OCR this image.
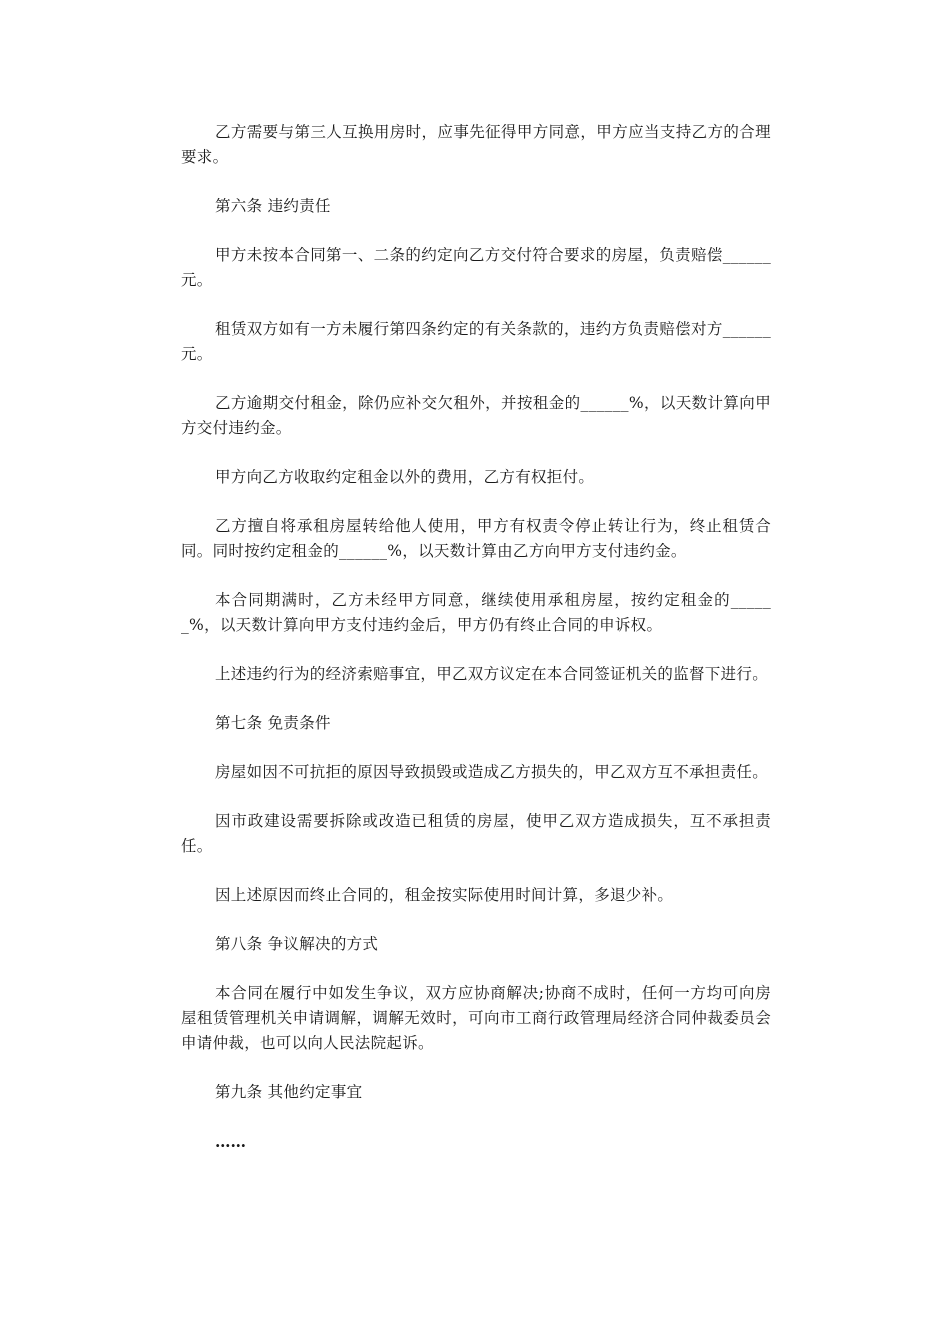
乙方需要与第三人互换用房时，应事先征得甲方同意，甲方应当支持乙方的合理要求。

第六条 违约责任

甲方未按本合同第一、二条的约定向乙方交付符合要求的房屋，负责赔偿______元。

租赁双方如有一方未履行第四条约定的有关条款的，违约方负责赔偿对方______元。

乙方逾期交付租金，除仍应补交欠租外，并按租金的______%，以天数计算向甲方交付违约金。

甲方向乙方收取约定租金以外的费用，乙方有权拒付。

乙方擅自将承租房屋转给他人使用，甲方有权责令停止转让行为，终止租赁合同。同时按约定租金的______%，以天数计算由乙方向甲方支付违约金。

本合同期满时，乙方未经甲方同意，继续使用承租房屋，按约定租金的______%，以天数计算向甲方支付违约金后，甲方仍有终止合同的申诉权。

上述违约行为的经济索赔事宜，甲乙双方议定在本合同签证机关的监督下进行。

第七条 免责条件

房屋如因不可抗拒的原因导致损毁或造成乙方损失的，甲乙双方互不承担责任。

因市政建设需要拆除或改造已租赁的房屋，使甲乙双方造成损失，互不承担责任。

因上述原因而终止合同的，租金按实际使用时间计算，多退少补。

第八条 争议解决的方式

本合同在履行中如发生争议，双方应协商解决;协商不成时，任何一方均可向房屋租赁管理机关申请调解，调解无效时，可向市工商行政管理局经济合同仲裁委员会申请仲裁，也可以向人民法院起诉。

第九条 其他约定事宜

……
